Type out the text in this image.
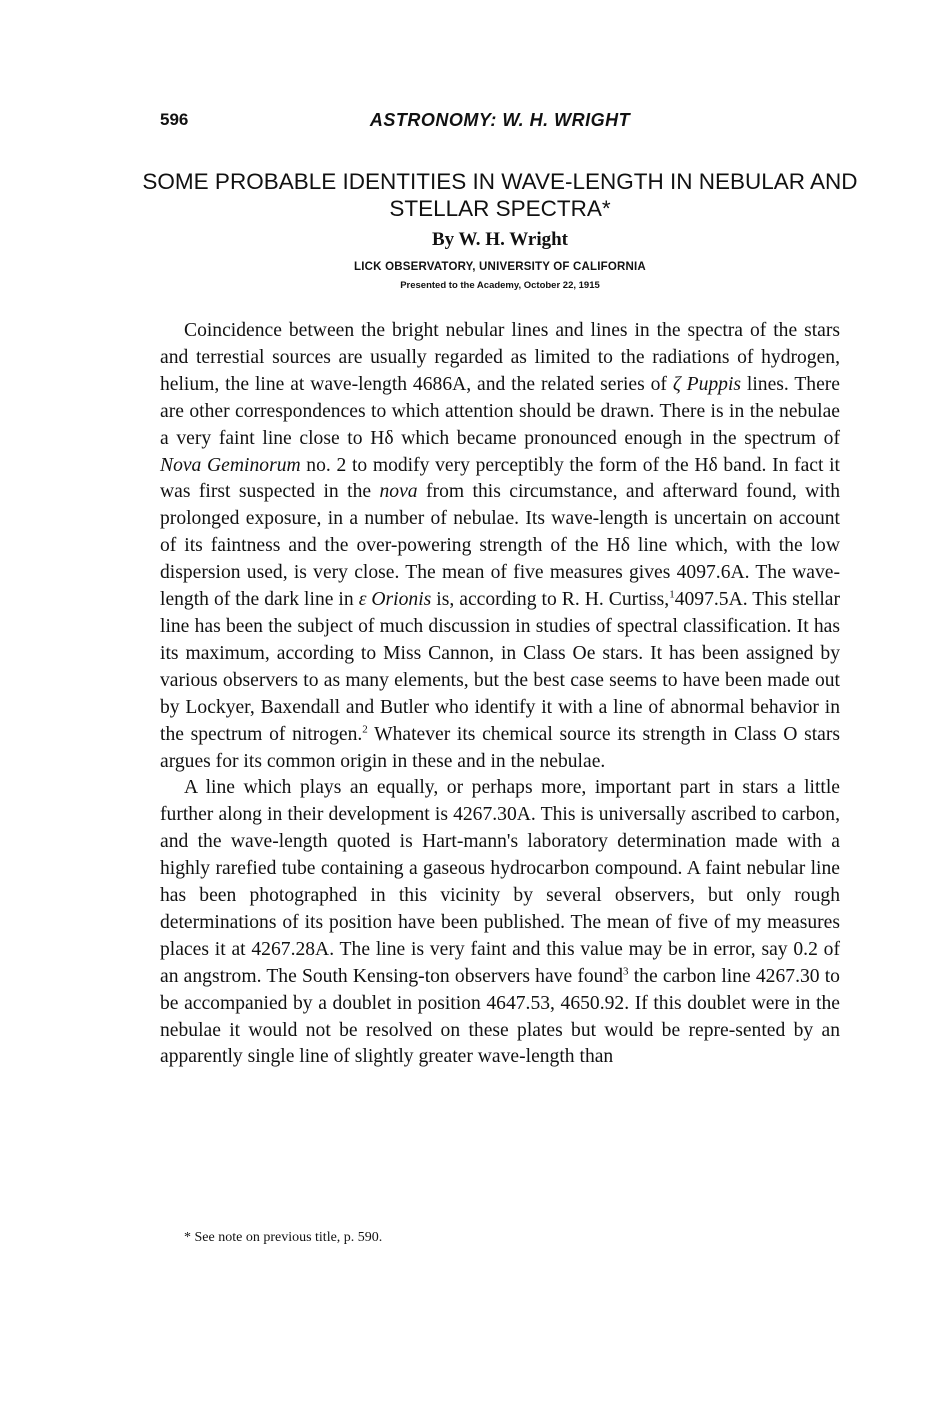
596	ASTRONOMY: W. H. WRIGHT
SOME PROBABLE IDENTITIES IN WAVE-LENGTH IN NEBULAR AND STELLAR SPECTRA*
By W. H. Wright
LICK OBSERVATORY, UNIVERSITY OF CALIFORNIA
Presented to the Academy, October 22, 1915

Coincidence between the bright nebular lines and lines in the spectra of the stars and terrestial sources are usually regarded as limited to the radiations of hydrogen, helium, the line at wave-length 4686A, and the related series of ζ Puppis lines. There are other correspondences to which attention should be drawn. There is in the nebulae a very faint line close to Hδ which became pronounced enough in the spectrum of Nova Geminorum no. 2 to modify very perceptibly the form of the Hδ band. In fact it was first suspected in the nova from this circumstance, and afterward found, with prolonged exposure, in a number of nebulae. Its wave-length is uncertain on account of its faintness and the over-powering strength of the Hδ line which, with the low dispersion used, is very close. The mean of five measures gives 4097.6A. The wave-length of the dark line in ε Orionis is, according to R. H. Curtiss,$^1$4097.5A. This stellar line has been the subject of much discussion in studies of spectral classification. It has its maximum, according to Miss Cannon, in Class Oe stars. It has been assigned by various observers to as many elements, but the best case seems to have been made out by Lockyer, Baxendall and Butler who identify it with a line of abnormal behavior in the spectrum of nitrogen.$^2$ Whatever its chemical source its strength in Class O stars argues for its common origin in these and in the nebulae.

A line which plays an equally, or perhaps more, important part in stars a little further along in their development is 4267.30A. This is universally ascribed to carbon, and the wave-length quoted is Hart-mann's laboratory determination made with a highly rarefied tube containing a gaseous hydrocarbon compound. A faint nebular line has been photographed in this vicinity by several observers, but only rough determinations of its position have been published. The mean of five of my measures places it at 4267.28A. The line is very faint and this value may be in error, say 0.2 of an angstrom. The South Kensing-ton observers have found$^3$ the carbon line 4267.30 to be accompanied by a doublet in position 4647.53, 4650.92. If this doublet were in the nebulae it would not be resolved on these plates but would be repre-sented by an apparently single line of slightly greater wave-length than

* See note on previous title, p. 590.
